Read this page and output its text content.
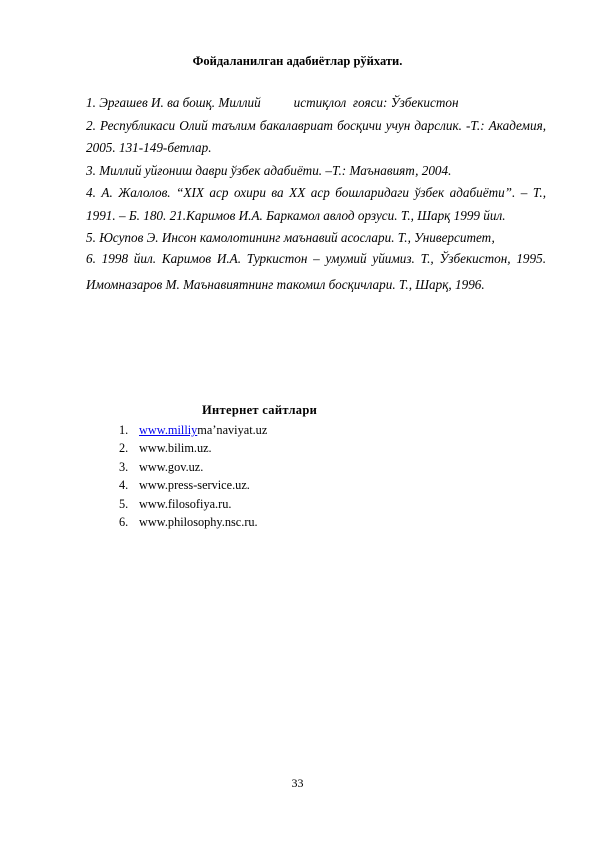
Фойдаланилган адабиётлар рўйхати.

1. Эргашев И. ва бошқ. Миллий          истиқлол  ғояси: Ўзбекистон

2. Республикаси Олий таълим бакалавриат босқичи учун дарслик. -Т.: Академия, 2005. 131-149-бетлар.

3. Миллий уйғониш даври ўзбек адабиёти. –Т.: Маънавият, 2004.

4. А. Жалолов. “XIX аср охири ва XX аср бошларидаги ўзбек адабиёти”. – Т., 1991. – Б. 180. 21.Каримов И.А. Баркамол авлод орзуси. Т., Шарқ 1999 йил.

5. Юсупов Э. Инсон камолотининг маънавий асослари. Т., Университет,

6. 1998 йил. Каримов И.А. Туркистон – умумий уйимиз. Т., Ўзбекистон, 1995. Имомназаров М. Маънавиятнинг такомил босқичлари. Т., Шарқ, 1996.

Интернет сайтлари
1. www.milliyma’naviyat.uz
2. www.bilim.uz.
3. www.gov.uz.
4. www.press-service.uz.
5. www.filosofiya.ru.
6. www.philosophy.nsc.ru.
33
